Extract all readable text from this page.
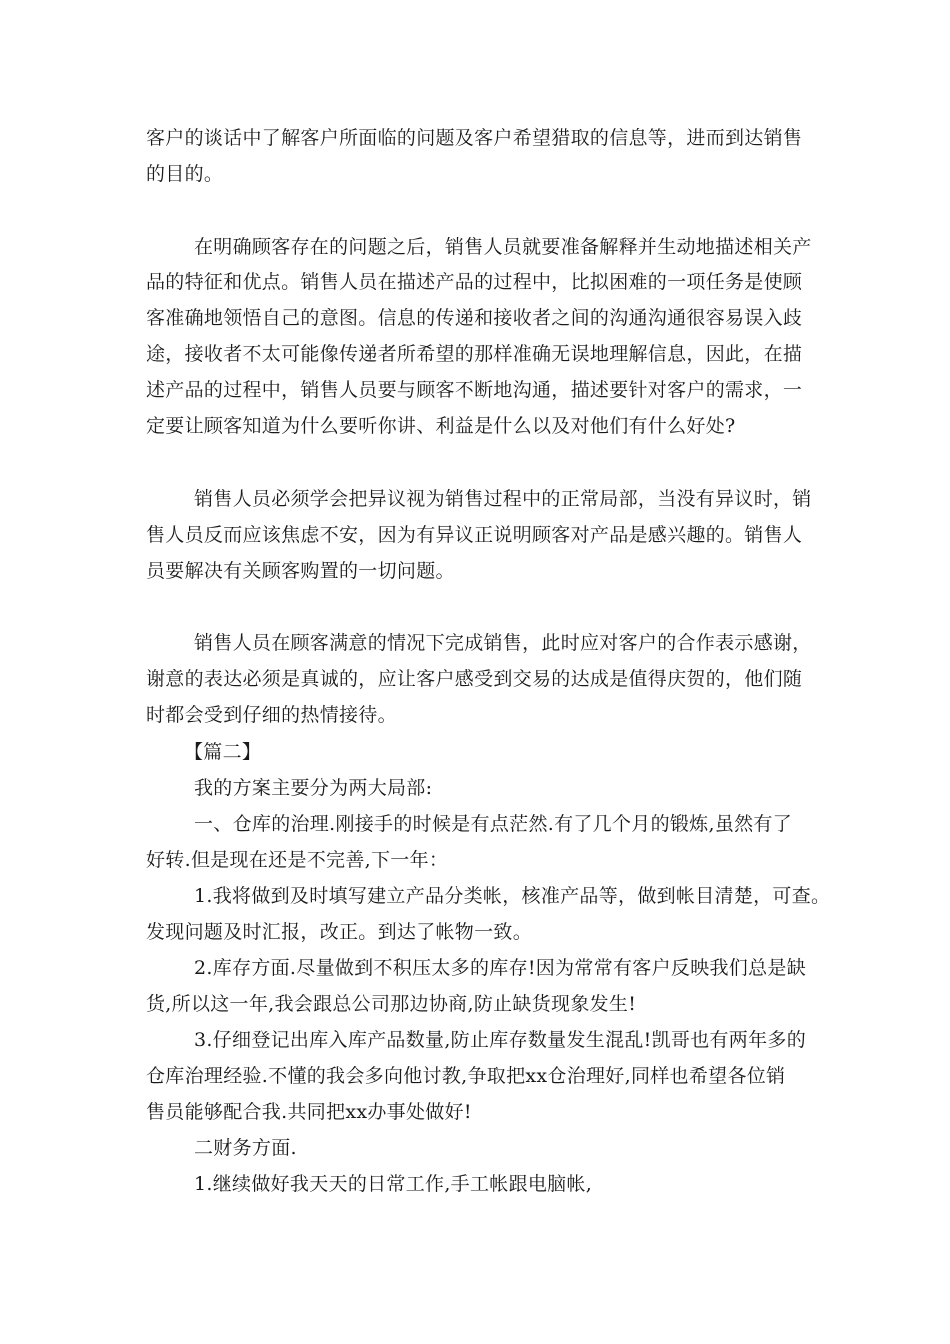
客户的谈话中了解客户所面临的问题及客户希望猎取的信息等，进而到达销售
的目的。
在明确顾客存在的问题之后，销售人员就要准备解释并生动地描述相关产
品的特征和优点。销售人员在描述产品的过程中，比拟困难的一项任务是使顾
客准确地领悟自己的意图。信息的传递和接收者之间的沟通沟通很容易误入歧
途，接收者不太可能像传递者所希望的那样准确无误地理解信息，因此，在描
述产品的过程中，销售人员要与顾客不断地沟通，描述要针对客户的需求，一
定要让顾客知道为什么要听你讲、利益是什么以及对他们有什么好处?
销售人员必须学会把异议视为销售过程中的正常局部，当没有异议时，销
售人员反而应该焦虑不安，因为有异议正说明顾客对产品是感兴趣的。销售人
员要解决有关顾客购置的一切问题。
销售人员在顾客满意的情况下完成销售，此时应对客户的合作表示感谢，
谢意的表达必须是真诚的，应让客户感受到交易的达成是值得庆贺的，他们随
时都会受到仔细的热情接待。
【篇二】
我的方案主要分为两大局部:
一、仓库的治理.刚接手的时候是有点茫然.有了几个月的锻炼,虽然有了
好转.但是现在还是不完善,下一年：
1.我将做到及时填写建立产品分类帐，核准产品等，做到帐目清楚，可查。
发现问题及时汇报，改正。到达了帐物一致。
2.库存方面.尽量做到不积压太多的库存!因为常常有客户反映我们总是缺
货,所以这一年,我会跟总公司那边协商,防止缺货现象发生!
3.仔细登记出库入库产品数量,防止库存数量发生混乱!凯哥也有两年多的
仓库治理经验.不懂的我会多向他讨教,争取把xx仓治理好,同样也希望各位销
售员能够配合我.共同把xx办事处做好!
二财务方面.
1.继续做好我天天的日常工作,手工帐跟电脑帐,
